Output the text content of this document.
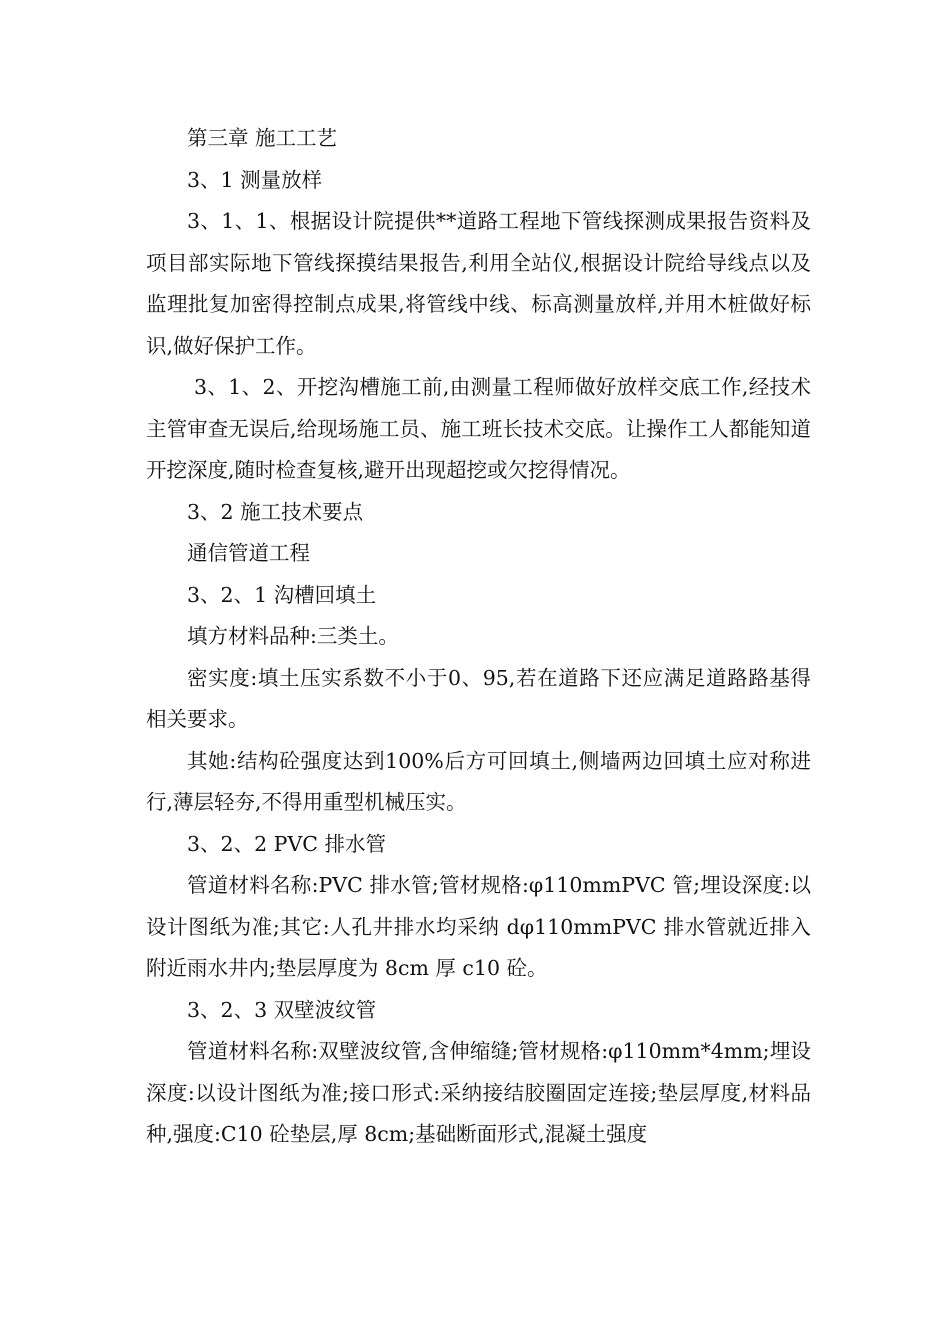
第三章 施工工艺

3、1 测量放样

3、1、1、根据设计院提供**道路工程地下管线探测成果报告资料及项目部实际地下管线探摸结果报告,利用全站仪,根据设计院给导线点以及监理批复加密得控制点成果,将管线中线、标高测量放样,并用木桩做好标识,做好保护工作。

3、1、2、开挖沟槽施工前,由测量工程师做好放样交底工作,经技术主管审查无误后,给现场施工员、施工班长技术交底。让操作工人都能知道开挖深度,随时检查复核,避开出现超挖或欠挖得情况。

3、2 施工技术要点

通信管道工程

3、2、1 沟槽回填土

填方材料品种:三类土。

密实度:填土压实系数不小于0、95,若在道路下还应满足道路路基得相关要求。

其她:结构砼强度达到100%后方可回填土,侧墙两边回填土应对称进行,薄层轻夯,不得用重型机械压实。

3、2、2 PVC 排水管

管道材料名称:PVC 排水管;管材规格:φ110mmPVC 管;埋设深度:以设计图纸为准;其它:人孔井排水均采纳 dφ110mmPVC 排水管就近排入附近雨水井内;垫层厚度为 8cm 厚 c10 砼。

3、2、3 双壁波纹管

管道材料名称:双壁波纹管,含伸缩缝;管材规格:φ110mm*4mm;埋设深度:以设计图纸为准;接口形式:采纳接结胶圈固定连接;垫层厚度,材料品种,强度:C10 砼垫层,厚 8cm;基础断面形式,混凝土强度
